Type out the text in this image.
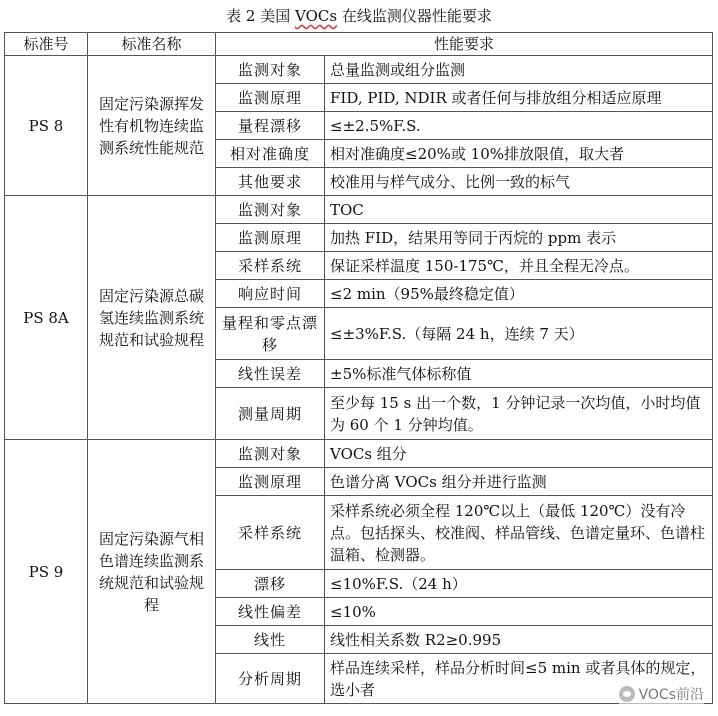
表 2 美国 VOCs 在线监测仪器性能要求
标准号	标准名称	性能要求	
PS 8	固定污染源挥发性有机物连续监测系统性能规范	监测对象	总量监测或组分监测
		监测原理	FID, PID, NDIR 或者任何与排放组分相适应原理
		量程漂移	≤±2.5%F.S.
		相对准确度	相对准确度≤20%或 10%排放限值，取大者
		其他要求	校准用与样气成分、比例一致的标气
PS 8A	固定污染源总碳氢连续监测系统规范和试验规程	监测对象	TOC
		监测原理	加热 FID，结果用等同于丙烷的 ppm 表示
		采样系统	保证采样温度 150-175℃，并且全程无冷点。
		响应时间	≤2 min（95%最终稳定值）
		量程和零点漂移	≤±3%F.S.（每隔 24 h，连续 7 天）
		线性误差	±5%标准气体标称值
		测量周期	至少每 15 s 出一个数，1 分钟记录一次均值，小时均值为 60 个 1 分钟均值。
PS 9	固定污染源气相色谱连续监测系统规范和试验规程	监测对象	VOCs 组分
		监测原理	色谱分离 VOCs 组分并进行监测
		采样系统	采样系统必须全程 120℃以上（最低 120℃）没有冷点。包括探头、校准阀、样品管线、色谱定量环、色谱柱温箱、检测器。
		漂移	≤10%F.S.（24 h）
		线性偏差	≤10%
		线性	线性相关系数 R2≥0.995
		分析周期	样品连续采样，样品分析时间≤5 min 或者具体的规定，选小者	VOCs前沿
